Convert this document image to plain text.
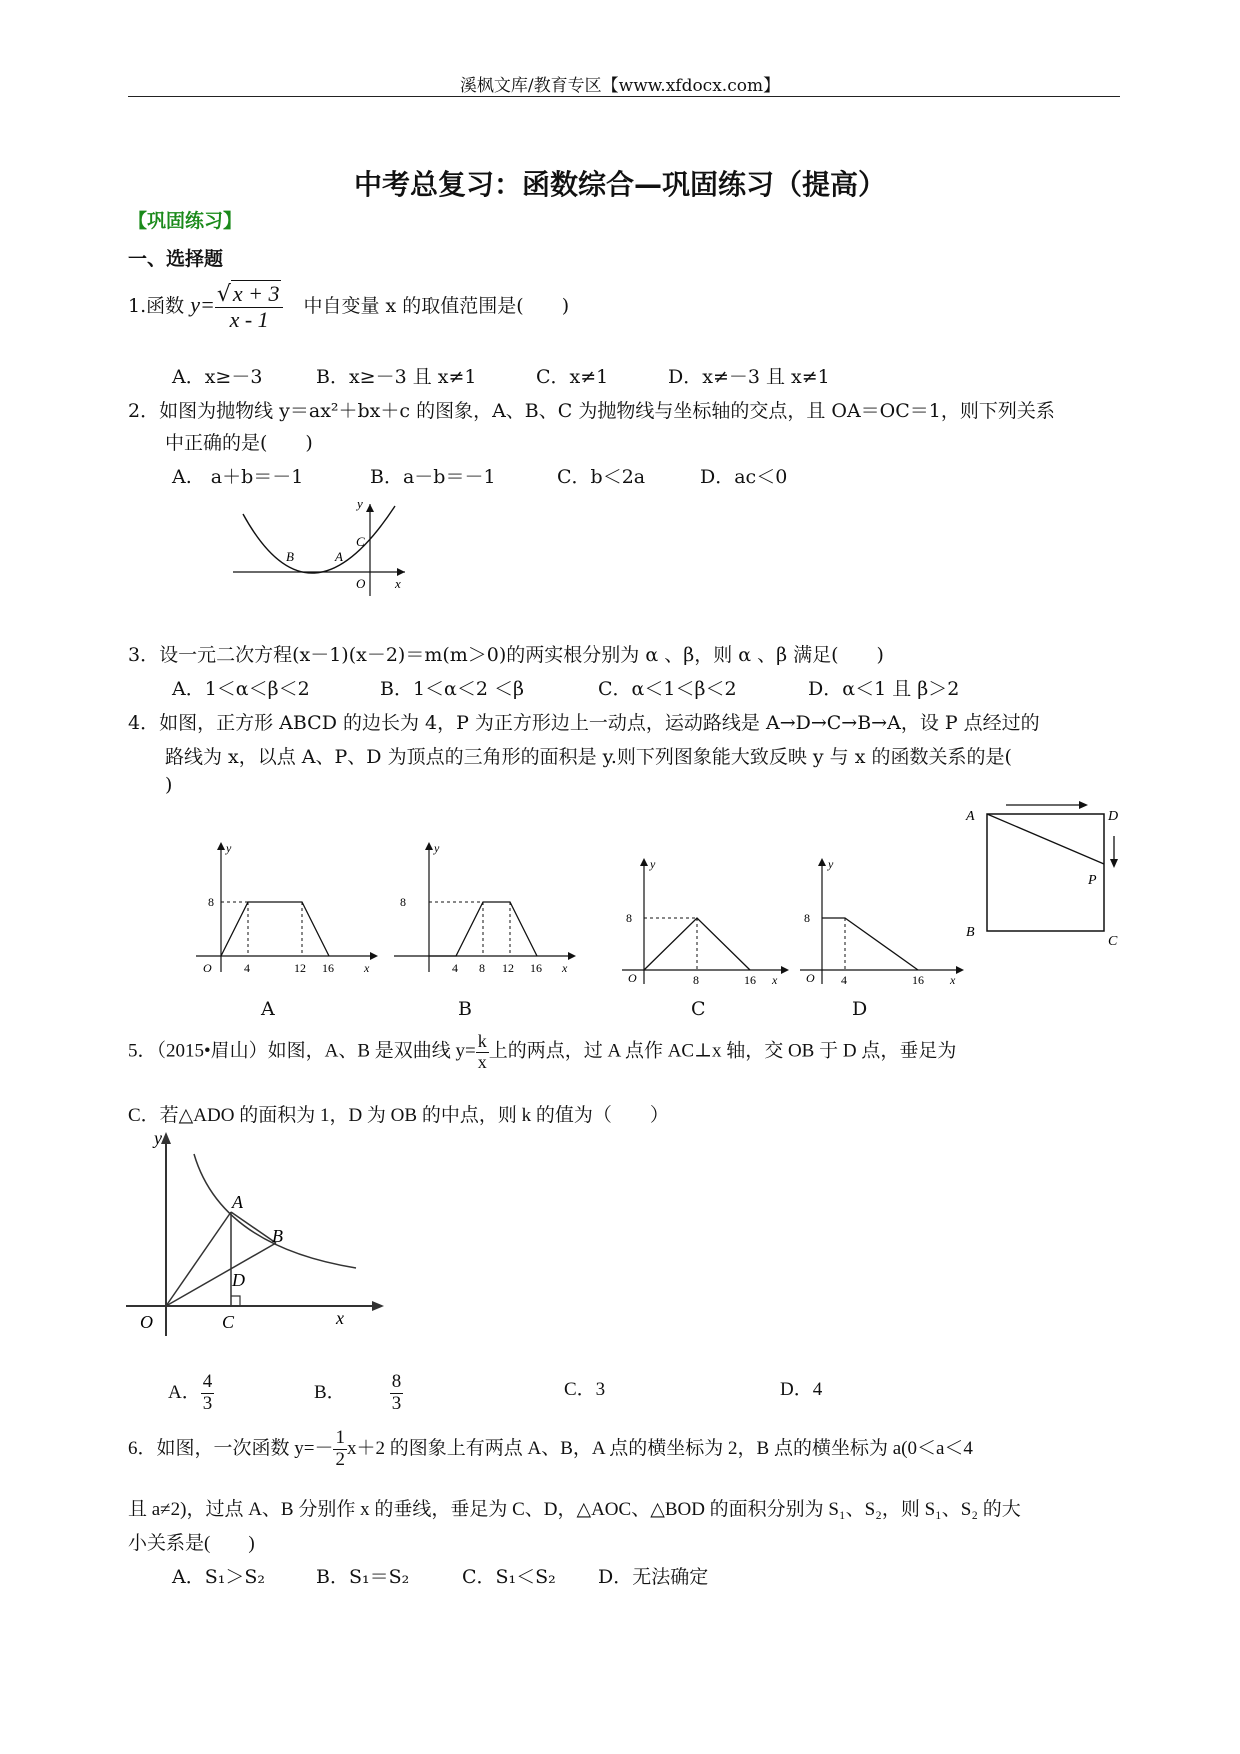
溪枫文库/教育专区【www.xfdocx.com】
中考总复习：函数综合—巩固练习（提高）
【巩固练习】
一、选择题
1.函数 $y= \frac{√x + 3}{x - 1}$ 中自变量 x 的取值范围是(　　)
A．x≥－3	B．x≥－3 且 x≠1	C．x≠1	D．x≠－3 且 x≠1
2．如图为抛物线 y＝ax²＋bx＋c 的图象，A、B、C 为抛物线与坐标轴的交点，且 OA＝OC＝1，则下列关系
中正确的是(　　)
A.　a＋b＝－1	B．a－b＝－1	C．b＜2a	D．ac＜0
y
x
O
B	A
C
3．设一元二次方程(x－1)(x－2)＝m(m＞0)的两实根分别为 α 、β，则 α 、β 满足(　　)
A．1＜α＜β＜2	B．1＜α＜2 ＜β	C．α＜1＜β＜2	D．α＜1 且 β＞2
4．如图，正方形 ABCD 的边长为 4，P 为正方形边上一动点，运动路线是 A→D→C→B→A，设 P 点经过的
路线为 x，以点 A、P、D 为顶点的三角形的面积是 y.则下列图象能大致反映 y 与 x 的函数关系的是(
)
y
8
O	4	12 16	x
A
y
8
4 8 12 16 x
B
y
8
O	8	16 x
C
y
8
O 4	16 x
D
A	D
B
C
P
5．（2015•眉山）如图，A、B 是双曲线 $y= \frac{k}{x}$ 上的两点，过 A 点作 AC⊥x 轴，交 OB 于 D 点，垂足为
C．若△ADO 的面积为 1，D 为 OB 的中点，则 k 的值为（　　）
y
x
O
A
B
D
C
A． $\frac{4}{3}$	B． $\frac{8}{3}$	C．3	D．4
6．如图，一次函数 $y=- \frac{1}{2} x+2$ 的图象上有两点 A、B，A 点的横坐标为 2，B 点的横坐标为 a(0＜a＜4
且 a≠2)，过点 A、B 分别作 x 的垂线，垂足为 C、D，△AOC、△BOD 的面积分别为 S₁、S₂，则 S₁、S₂ 的大
小关系是(　　)
A．S₁＞S₂	B．S₁＝S₂	C．S₁＜S₂ D．无法确定
